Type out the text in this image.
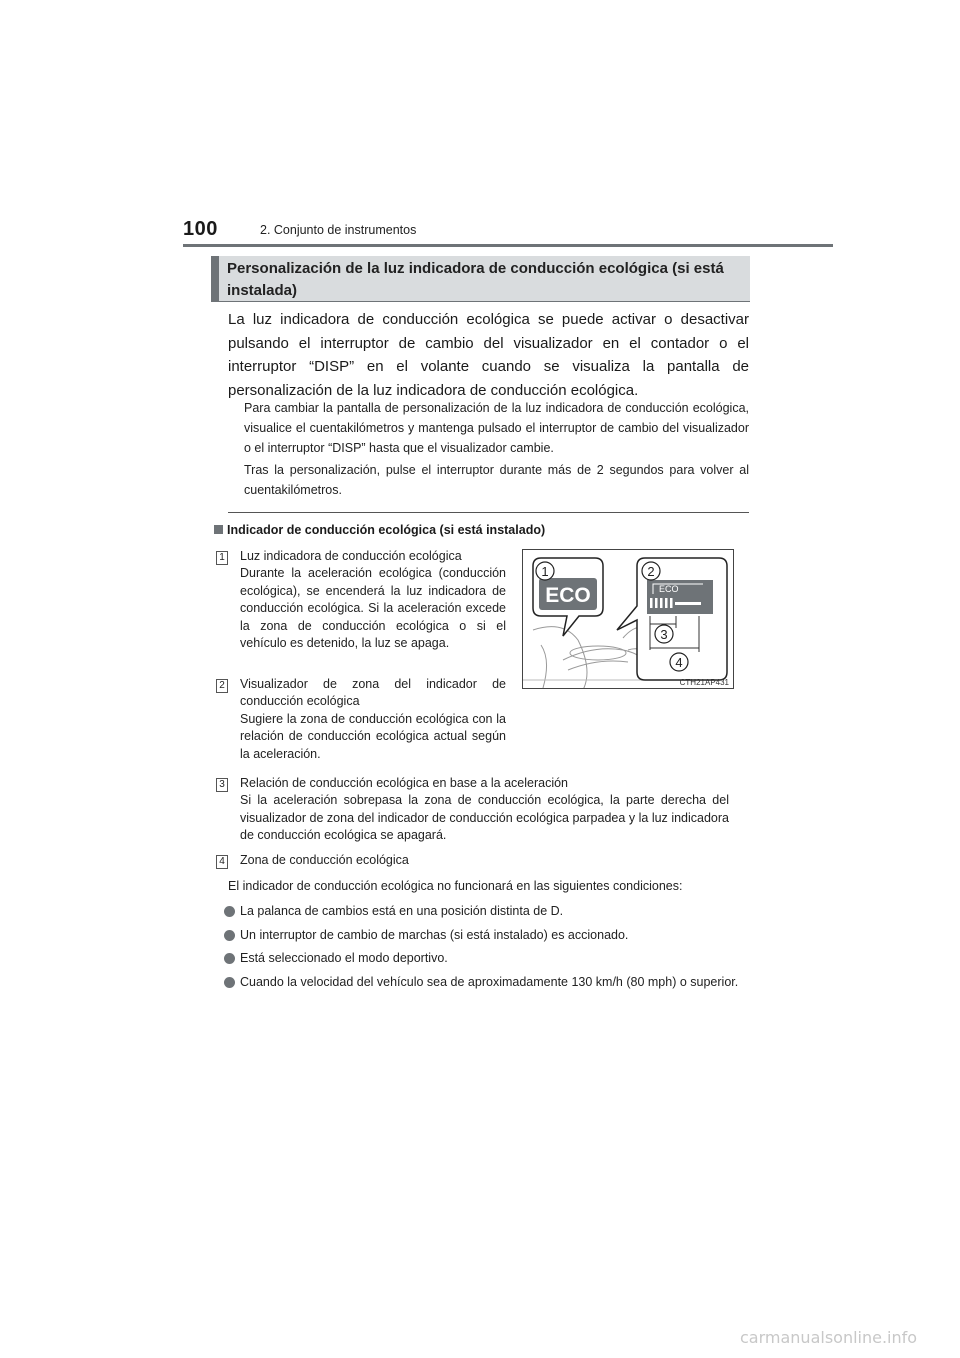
100	2. Conjunto de instrumentos
Personalización de la luz indicadora de conducción ecológica (si está
instalada)

La luz indicadora de conducción ecológica se puede activar o desactivar pulsando el interruptor de cambio del visualizador en el contador o el interruptor “DISP” en el volante cuando se visualiza la pantalla de personalización de la luz indicadora de conducción ecológica.

Para cambiar la pantalla de personalización de la luz indicadora de conducción ecológica, visualice el cuentakilómetros y mantenga pulsado el interruptor de cambio del visualizador o el interruptor “DISP” hasta que el visualizador cambie.

Tras la personalización, pulse el interruptor durante más de 2 segundos para volver al cuentakilómetros.

Indicador de conducción ecológica (si está instalado)
1 Luz indicadora de conducción ecológica
Durante la aceleración ecológica (conducción ecológica), se encenderá la luz indicadora de conducción ecológica. Si la aceleración excede la zona de conducción ecológica o si el vehículo es detenido, la luz se apaga.
2 Visualizador de zona del indicador de conducción ecológica
Sugiere la zona de conducción ecológica con la relación de conducción ecológica actual según la aceleración.
3 Relación de conducción ecológica en base a la aceleración
Si la aceleración sobrepasa la zona de conducción ecológica, la parte derecha del visualizador de zona del indicador de conducción ecológica parpadea y la luz indicadora de conducción ecológica se apagará.
4 Zona de conducción ecológica
ECO	ECO
1	2
3
4
CTH21AP431
El indicador de conducción ecológica no funcionará en las siguientes condiciones:
La palanca de cambios está en una posición distinta de D.
Un interruptor de cambio de marchas (si está instalado) es accionado.
Está seleccionado el modo deportivo.
Cuando la velocidad del vehículo sea de aproximadamente 130 km/h (80 mph) o superior.
carmanualsonline.info
